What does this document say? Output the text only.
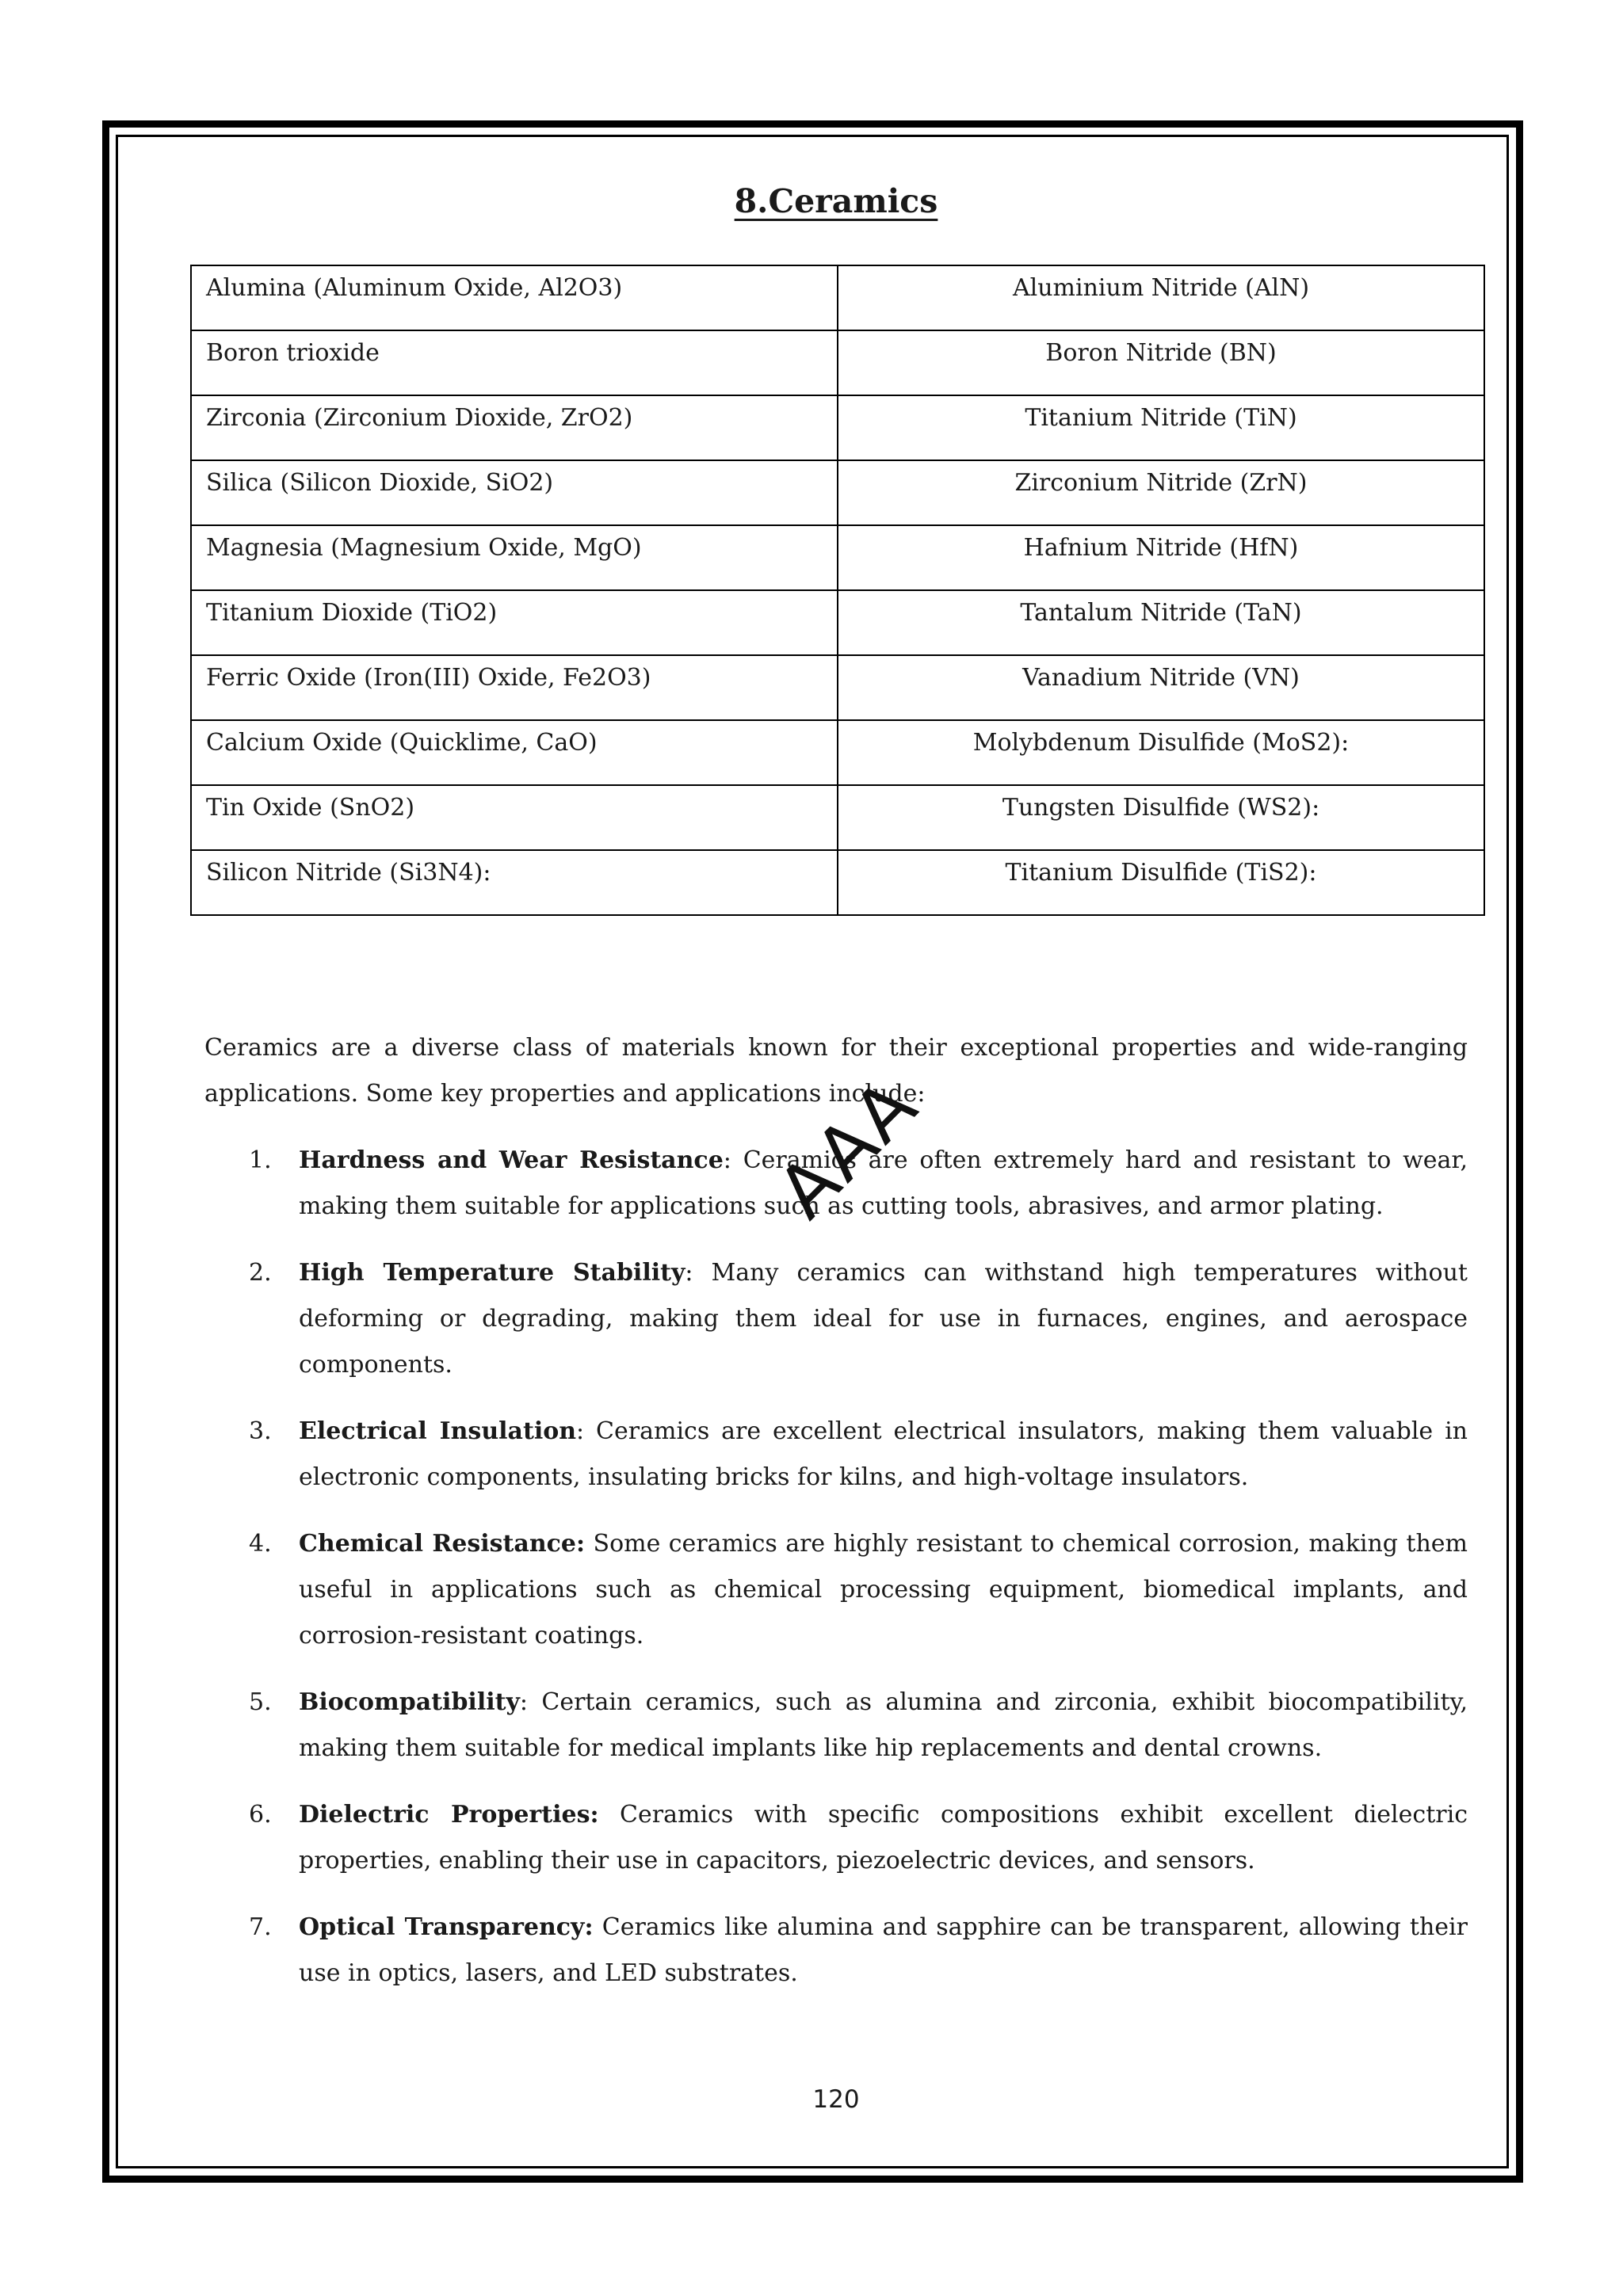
8.Ceramics
Alumina (Aluminum Oxide, Al2O3)	Aluminium Nitride (AlN)
Boron trioxide	Boron Nitride (BN)
Zirconia (Zirconium Dioxide, ZrO2)	Titanium Nitride (TiN)
Silica (Silicon Dioxide, SiO2)	Zirconium Nitride (ZrN)
Magnesia (Magnesium Oxide, MgO)	Hafnium Nitride (HfN)
Titanium Dioxide (TiO2)	Tantalum Nitride (TaN)
Ferric Oxide (Iron(III) Oxide, Fe2O3)	Vanadium Nitride (VN)
Calcium Oxide (Quicklime, CaO)	Molybdenum Disulfide (MoS2):
Tin Oxide (SnO2)	Tungsten Disulfide (WS2):
Silicon Nitride (Si3N4):	Titanium Disulfide (TiS2):

Ceramics are a diverse class of materials known for their exceptional properties and wide-ranging applications. Some key properties and applications include:

1. Hardness and Wear Resistance: Ceramics are often extremely hard and resistant to wear, making them suitable for applications such as cutting tools, abrasives, and armor plating.
2. High Temperature Stability: Many ceramics can withstand high temperatures without deforming or degrading, making them ideal for use in furnaces, engines, and aerospace components.
3. Electrical Insulation: Ceramics are excellent electrical insulators, making them valuable in electronic components, insulating bricks for kilns, and high-voltage insulators.
4. Chemical Resistance: Some ceramics are highly resistant to chemical corrosion, making them useful in applications such as chemical processing equipment, biomedical implants, and corrosion-resistant coatings.
5. Biocompatibility: Certain ceramics, such as alumina and zirconia, exhibit biocompatibility, making them suitable for medical implants like hip replacements and dental crowns.
6. Dielectric Properties: Ceramics with specific compositions exhibit excellent dielectric properties, enabling their use in capacitors, piezoelectric devices, and sensors.
7. Optical Transparency: Ceramics like alumina and sapphire can be transparent, allowing their use in optics, lasers, and LED substrates.
AAA

120
